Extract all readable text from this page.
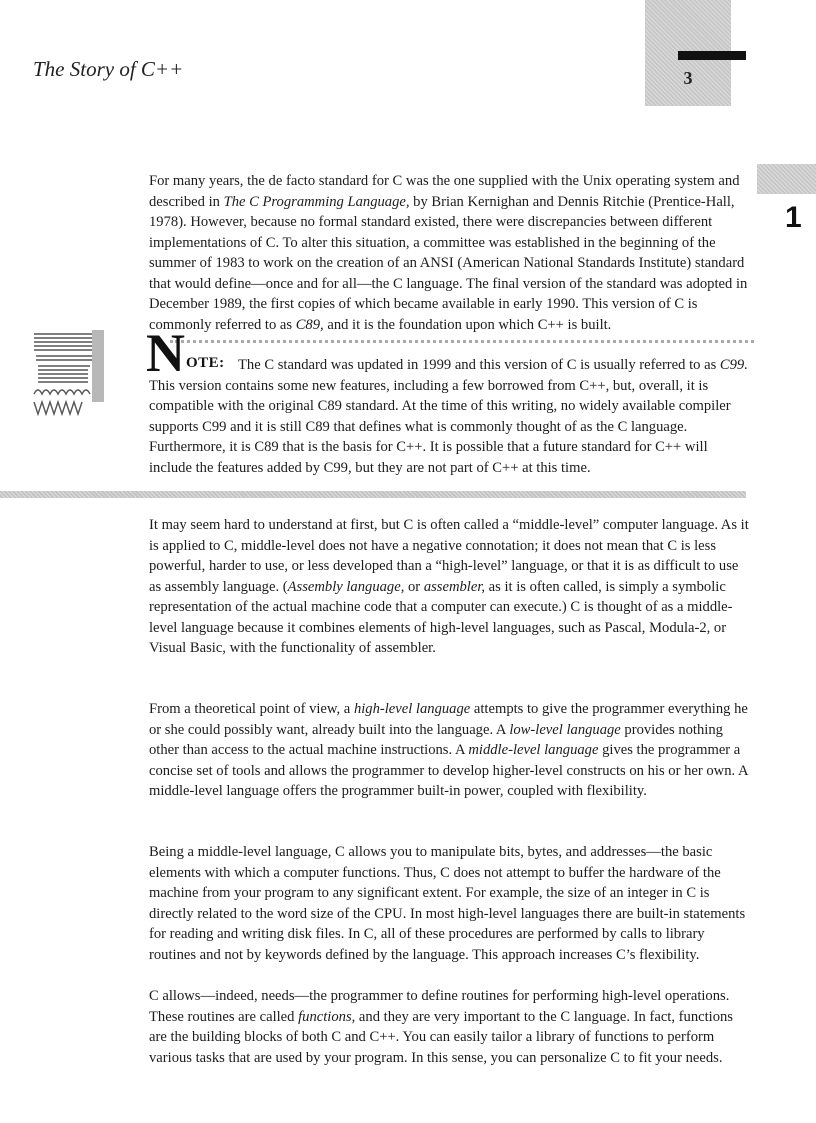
The Story of C++	3
1

For many years, the de facto standard for C was the one supplied with the Unix operating system and described in The C Programming Language, by Brian Kernighan and Dennis Ritchie (Prentice-Hall, 1978). However, because no formal standard existed, there were discrepancies between different implementations of C. To alter this situation, a committee was established in the beginning of the summer of 1983 to work on the creation of an ANSI (American National Standards Institute) standard that would define—once and for all—the C language. The final version of the standard was adopted in December 1989, the first copies of which became available in early 1990. This version of C is commonly referred to as C89, and it is the foundation upon which C++ is built.

N OTE: The C standard was updated in 1999 and this version of C is usually referred to as C99. This version contains some new features, including a few borrowed from C++, but, overall, it is compatible with the original C89 standard. At the time of this writing, no widely available compiler supports C99 and it is still C89 that defines what is commonly thought of as the C language. Furthermore, it is C89 that is the basis for C++. It is possible that a future standard for C++ will include the features added by C99, but they are not part of C++ at this time.

It may seem hard to understand at first, but C is often called a “middle-level” computer language. As it is applied to C, middle-level does not have a negative connotation; it does not mean that C is less powerful, harder to use, or less developed than a “high-level” language, or that it is as difficult to use as assembly language. (Assembly language, or assembler, as it is often called, is simply a symbolic representation of the actual machine code that a computer can execute.) C is thought of as a middle-level language because it combines elements of high-level languages, such as Pascal, Modula-2, or Visual Basic, with the functionality of assembler.

From a theoretical point of view, a high-level language attempts to give the programmer everything he or she could possibly want, already built into the language. A low-level language provides nothing other than access to the actual machine instructions. A middle-level language gives the programmer a concise set of tools and allows the programmer to develop higher-level constructs on his or her own. A middle-level language offers the programmer built-in power, coupled with flexibility.

Being a middle-level language, C allows you to manipulate bits, bytes, and addresses—the basic elements with which a computer functions. Thus, C does not attempt to buffer the hardware of the machine from your program to any significant extent. For example, the size of an integer in C is directly related to the word size of the CPU. In most high-level languages there are built-in statements for reading and writing disk files. In C, all of these procedures are performed by calls to library routines and not by keywords defined by the language. This approach increases C’s flexibility.

C allows—indeed, needs—the programmer to define routines for performing high-level operations. These routines are called functions, and they are very important to the C language. In fact, functions are the building blocks of both C and C++. You can easily tailor a library of functions to perform various tasks that are used by your program. In this sense, you can personalize C to fit your needs.
